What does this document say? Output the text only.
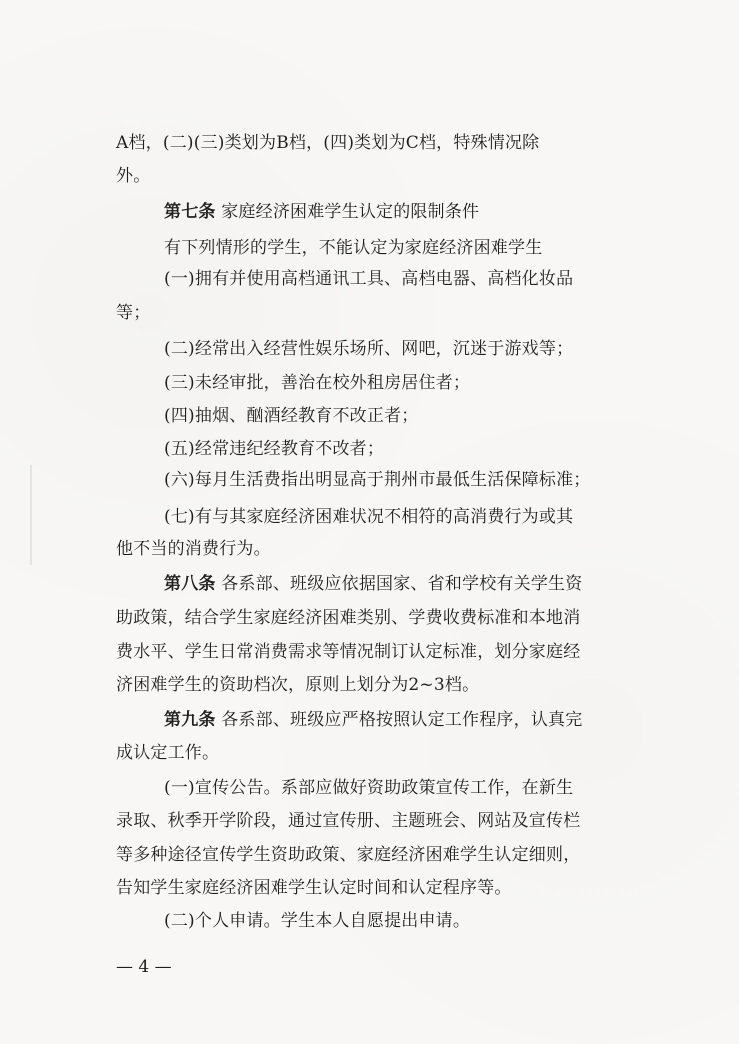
A档，(二)(三)类划为B档，(四)类划为C档，特殊情况除
外。
第七条 家庭经济困难学生认定的限制条件
有下列情形的学生，不能认定为家庭经济困难学生
(一)拥有并使用高档通讯工具、高档电器、高档化妆品
等；
(二)经常出入经营性娱乐场所、网吧，沉迷于游戏等；
(三)未经审批，善治在校外租房居住者；
(四)抽烟、酗酒经教育不改正者；
(五)经常违纪经教育不改者；
(六)每月生活费指出明显高于荆州市最低生活保障标准；
(七)有与其家庭经济困难状况不相符的高消费行为或其
他不当的消费行为。
第八条 各系部、班级应依据国家、省和学校有关学生资
助政策，结合学生家庭经济困难类别、学费收费标准和本地消
费水平、学生日常消费需求等情况制订认定标准，划分家庭经
济困难学生的资助档次，原则上划分为2~3档。
第九条 各系部、班级应严格按照认定工作程序，认真完
成认定工作。
(一)宣传公告。系部应做好资助政策宣传工作，在新生
录取、秋季开学阶段，通过宣传册、主题班会、网站及宣传栏
等多种途径宣传学生资助政策、家庭经济困难学生认定细则，
告知学生家庭经济困难学生认定时间和认定程序等。
(二)个人申请。学生本人自愿提出申请。
— 4 —
